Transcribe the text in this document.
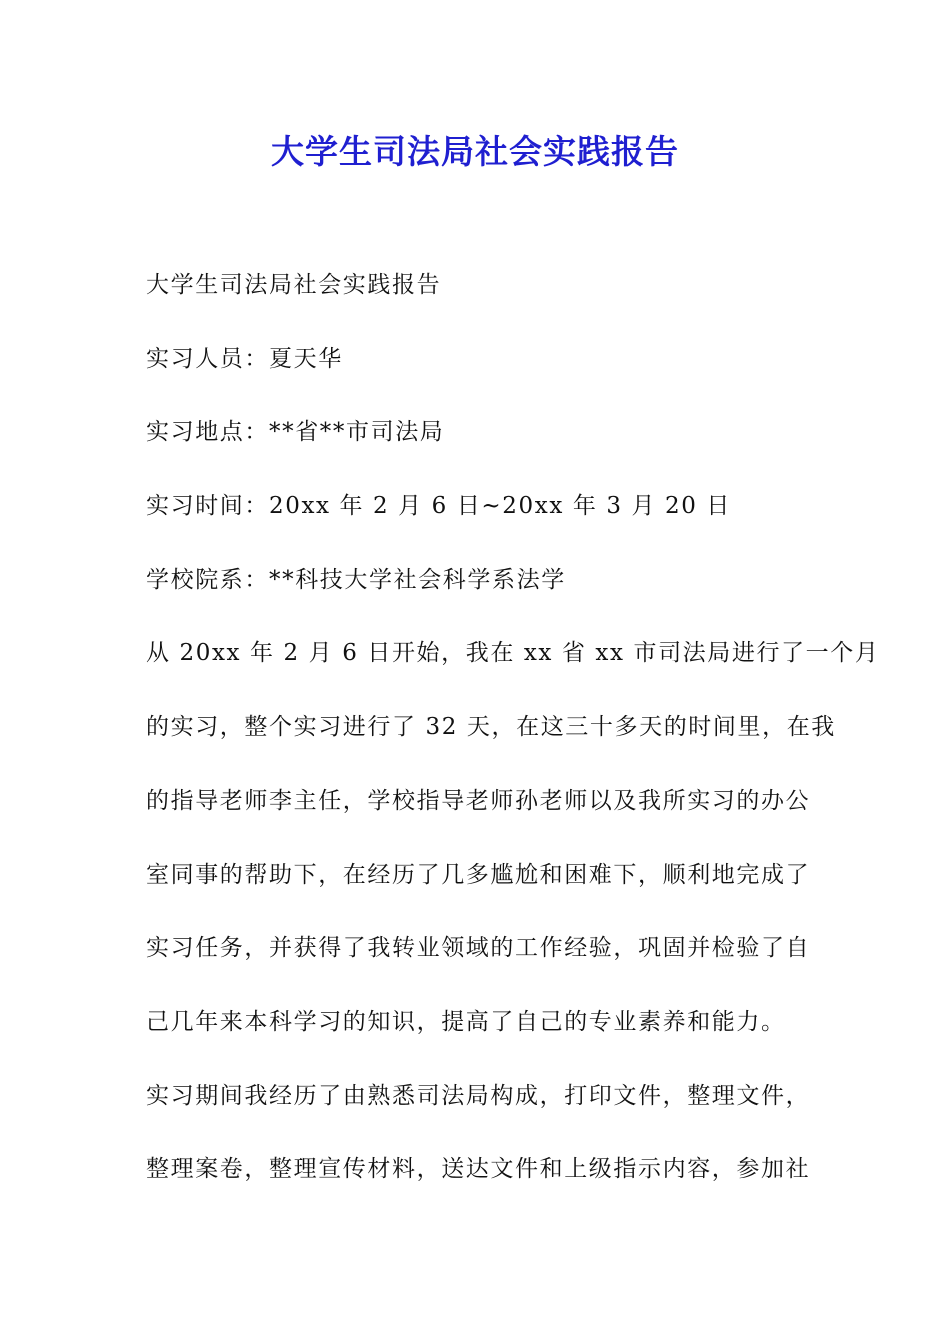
大学生司法局社会实践报告

大学生司法局社会实践报告

实习人员：夏天华

实习地点：**省**市司法局

实习时间：20xx 年 2 月 6 日~20xx 年 3 月 20 日

学校院系：**科技大学社会科学系法学

从 20xx 年 2 月 6 日开始，我在 xx 省 xx 市司法局进行了一个月

的实习，整个实习进行了 32 天，在这三十多天的时间里，在我

的指导老师李主任，学校指导老师孙老师以及我所实习的办公

室同事的帮助下，在经历了几多尴尬和困难下，顺利地完成了

实习任务，并获得了我转业领域的工作经验，巩固并检验了自

己几年来本科学习的知识，提高了自己的专业素养和能力。

实习期间我经历了由熟悉司法局构成，打印文件，整理文件，

整理案卷，整理宣传材料，送达文件和上级指示内容，参加社
